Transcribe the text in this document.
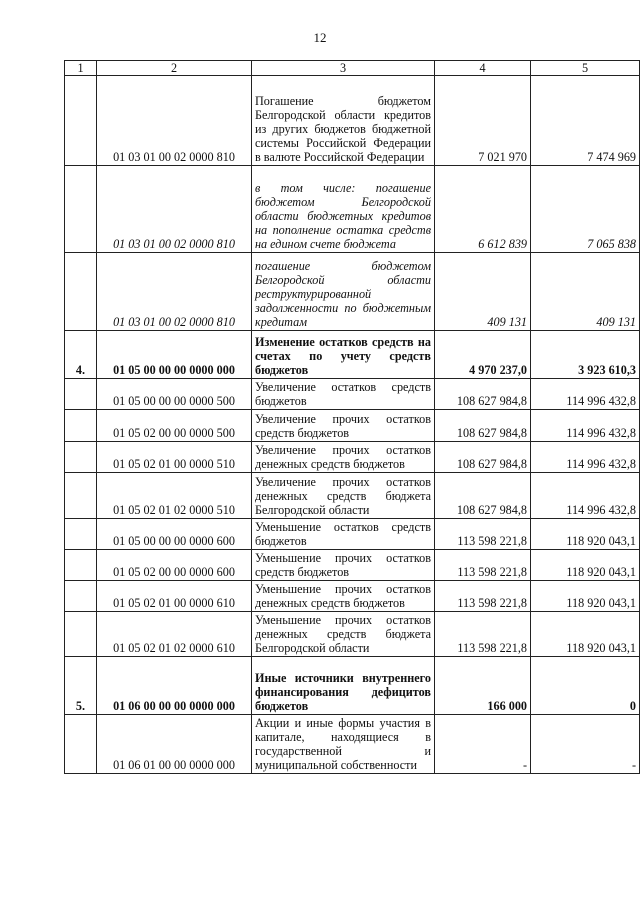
12
1	2	3	4	5
	01 03 01 00 02 0000 810	Погашение бюджетом Белгородской области кредитов из других бюджетов бюджетной системы Российской Федерации в валюте Российской Федерации	7 021 970	7 474 969
	01 03 01 00 02 0000 810	в том числе: погашение бюджетом Белгородской области бюджетных кредитов на пополнение остатка средств на едином счете бюджета	6 612 839	7 065 838
	01 03 01 00 02 0000 810	погашение бюджетом Белгородской области реструктурированной задолженности по бюджетным кредитам	409 131	409 131
4.	01 05 00 00 00 0000 000	Изменение остатков средств на счетах по учету средств бюджетов	4 970 237,0	3 923 610,3
	01 05 00 00 00 0000 500	Увеличение остатков средств бюджетов	108 627 984,8	114 996 432,8
	01 05 02 00 00 0000 500	Увеличение прочих остатков средств бюджетов	108 627 984,8	114 996 432,8
	01 05 02 01 00 0000 510	Увеличение прочих остатков денежных средств бюджетов	108 627 984,8	114 996 432,8
	01 05 02 01 02 0000 510	Увеличение прочих остатков денежных средств бюджета Белгородской области	108 627 984,8	114 996 432,8
	01 05 00 00 00 0000 600	Уменьшение остатков средств бюджетов	113 598 221,8	118 920 043,1
	01 05 02 00 00 0000 600	Уменьшение прочих остатков средств бюджетов	113 598 221,8	118 920 043,1
	01 05 02 01 00 0000 610	Уменьшение прочих остатков денежных средств бюджетов	113 598 221,8	118 920 043,1
	01 05 02 01 02 0000 610	Уменьшение прочих остатков денежных средств бюджета Белгородской области	113 598 221,8	118 920 043,1
5.	01 06 00 00 00 0000 000	Иные источники внутреннего финансирования дефицитов бюджетов	166 000	0
	01 06 01 00 00 0000 000	Акции и иные формы участия в капитале, находящиеся в государственной и муниципальной собственности	-	-
